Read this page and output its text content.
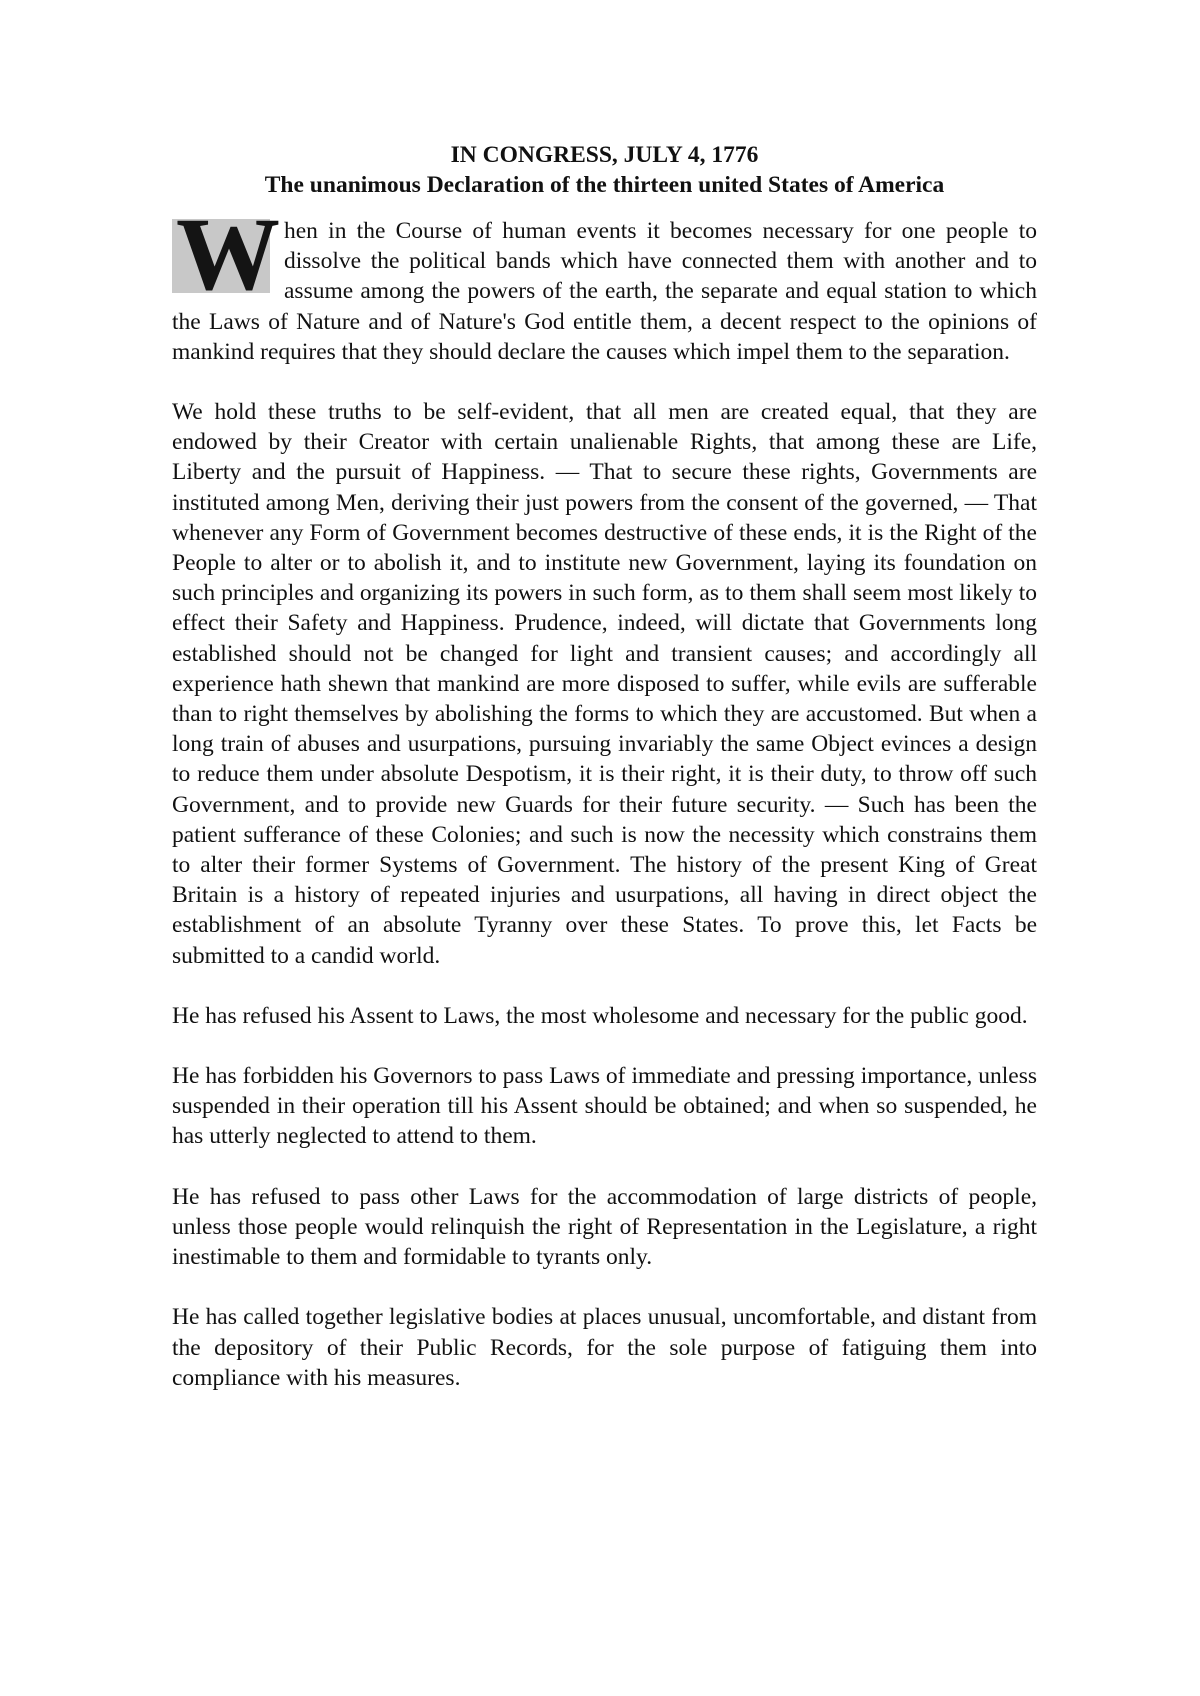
IN CONGRESS, JULY 4, 1776
The unanimous Declaration of the thirteen united States of America

W hen in the Course of human events it becomes necessary for one people to dissolve the political bands which have connected them with another and to assume among the powers of the earth, the separate and equal station to which the Laws of Nature and of Nature's God entitle them, a decent respect to the opinions of mankind requires that they should declare the causes which impel them to the separation.

We hold these truths to be self-evident, that all men are created equal, that they are endowed by their Creator with certain unalienable Rights, that among these are Life, Liberty and the pursuit of Happiness. — That to secure these rights, Governments are instituted among Men, deriving their just powers from the consent of the governed, — That whenever any Form of Government becomes destructive of these ends, it is the Right of the People to alter or to abolish it, and to institute new Government, laying its foundation on such principles and organizing its powers in such form, as to them shall seem most likely to effect their Safety and Happiness. Prudence, indeed, will dictate that Governments long established should not be changed for light and transient causes; and accordingly all experience hath shewn that mankind are more disposed to suffer, while evils are sufferable than to right themselves by abolishing the forms to which they are accustomed. But when a long train of abuses and usurpations, pursuing invariably the same Object evinces a design to reduce them under absolute Despotism, it is their right, it is their duty, to throw off such Government, and to provide new Guards for their future security. — Such has been the patient sufferance of these Colonies; and such is now the necessity which constrains them to alter their former Systems of Government. The history of the present King of Great Britain is a history of repeated injuries and usurpations, all having in direct object the establishment of an absolute Tyranny over these States. To prove this, let Facts be submitted to a candid world.

He has refused his Assent to Laws, the most wholesome and necessary for the public good.

He has forbidden his Governors to pass Laws of immediate and pressing importance, unless suspended in their operation till his Assent should be obtained; and when so suspended, he has utterly neglected to attend to them.

He has refused to pass other Laws for the accommodation of large districts of people, unless those people would relinquish the right of Representation in the Legislature, a right inestimable to them and formidable to tyrants only.

He has called together legislative bodies at places unusual, uncomfortable, and distant from the depository of their Public Records, for the sole purpose of fatiguing them into compliance with his measures.
